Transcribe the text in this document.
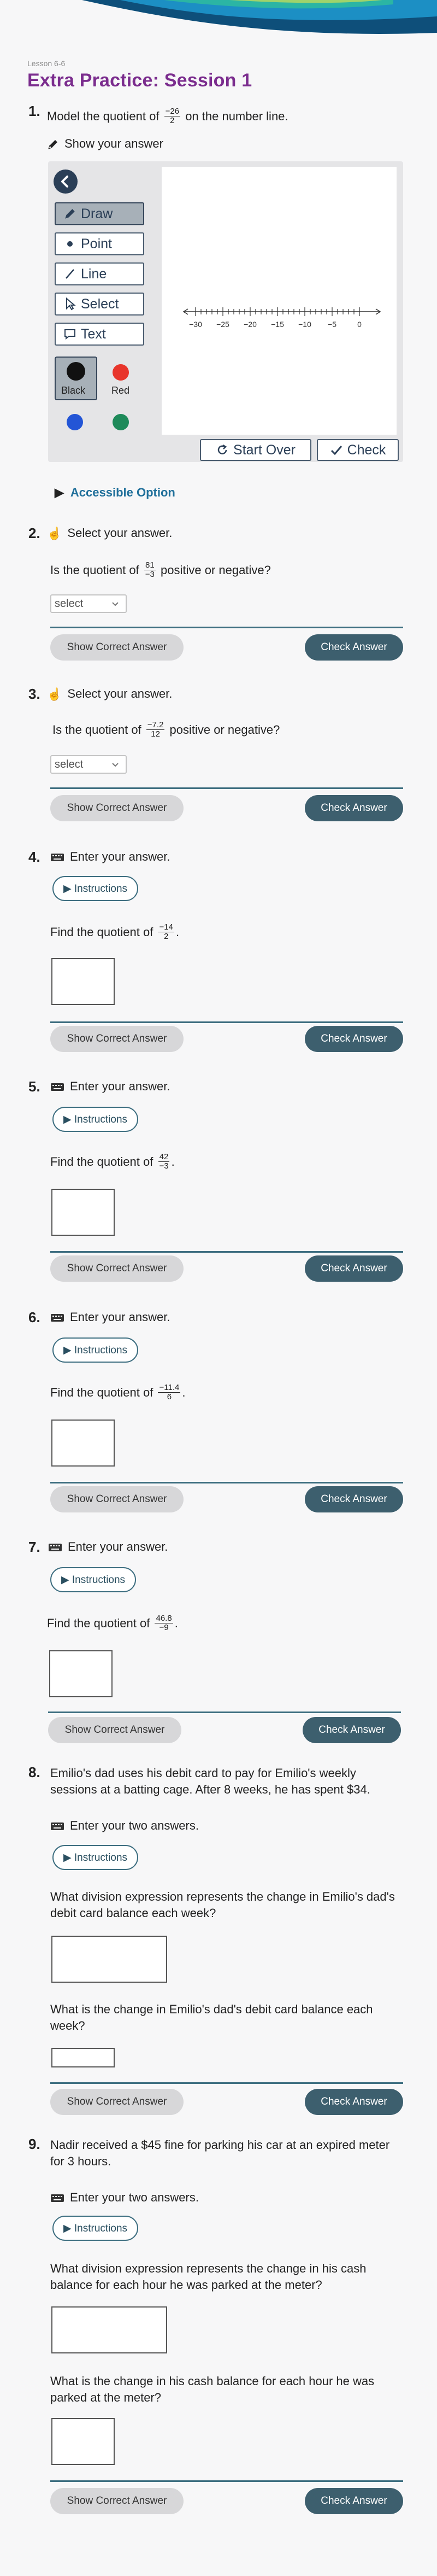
Lesson 6-6
Extra Practice: Session 1
1. Model the quotient of $\frac{-26}{2}$ on the number line.
Show your answer
Draw
Point
Line
Select
Text
Black	Red
−30 −25 −20 −15 −10 −5	0
Start Over	Check
▶ Accessible Option
2. ☝ Select your answer.
Is the quotient of $\frac{81}{-3}$ positive or negative?
select
Show Correct Answer	Check Answer
3. ☝ Select your answer.
Is the quotient of $\frac{-7.2}{12}$ positive or negative?
select
Show Correct Answer	Check Answer
4.	Enter your answer.
▶ Instructions
Find the quotient of $\frac{-14}{2}$ .
Show Correct Answer	Check Answer
5.	Enter your answer.
▶ Instructions
Find the quotient of $\frac{42}{-3}$ .
Show Correct Answer	Check Answer
6.	Enter your answer.
▶ Instructions
Find the quotient of $\frac{-11.4}{6}$ .
Show Correct Answer	Check Answer
7.	Enter your answer.
▶ Instructions
Find the quotient of $\frac{46.8}{-9}$ .
Show Correct Answer	Check Answer
8. Emilio's dad uses his debit card to pay for Emilio's weekly sessions at a batting cage. After 8 weeks, he has spent $34.
Enter your two answers.
▶ Instructions
What division expression represents the change in Emilio's dad's debit card balance each week?
What is the change in Emilio's dad's debit card balance each week?
Show Correct Answer	Check Answer
9. Nadir received a $45 fine for parking his car at an expired meter for 3 hours.
Enter your two answers.
▶ Instructions
What division expression represents the change in his cash balance for each hour he was parked at the meter?
What is the change in his cash balance for each hour he was parked at the meter?
Show Correct Answer	Check Answer
